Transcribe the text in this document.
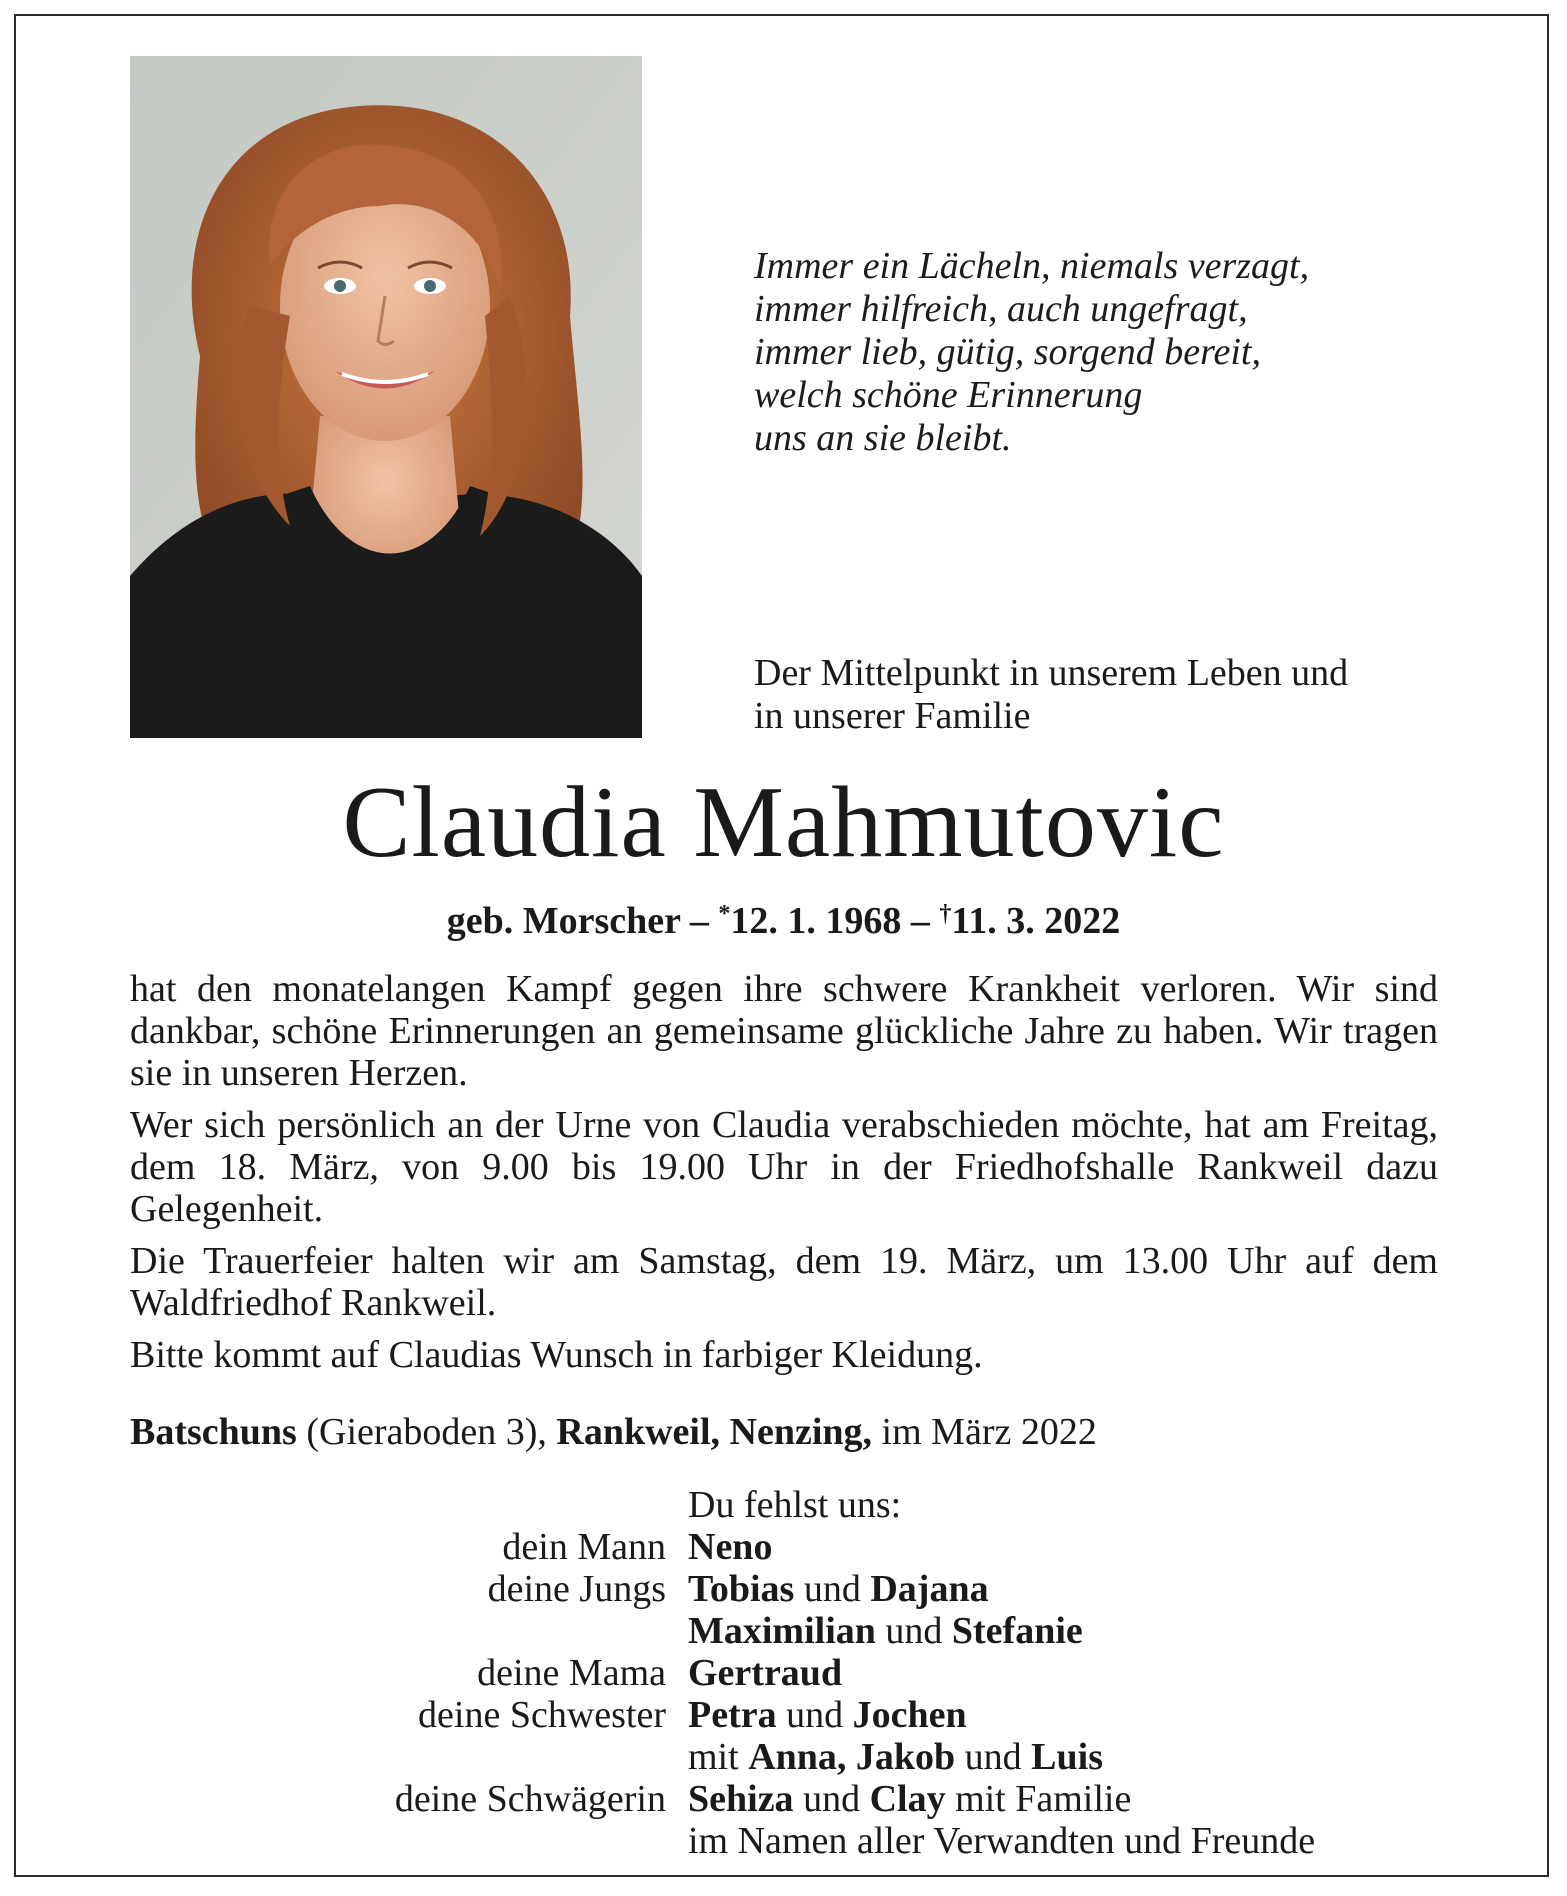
Immer ein Lächeln, niemals verzagt,
immer hilfreich, auch ungefragt,
immer lieb, gütig, sorgend bereit,
welch schöne Erinnerung
uns an sie bleibt.
Der Mittelpunkt in unserem Leben und
in unserer Familie
Claudia Mahmutovic
geb. Morscher – *12. 1. 1968 – †11. 3. 2022

hat den monatelangen Kampf gegen ihre schwere Krankheit verloren. Wir sind dankbar, schöne Erinnerungen an gemeinsame glückliche Jahre zu haben. Wir tragen sie in unseren Herzen.

Wer sich persönlich an der Urne von Claudia verabschieden möchte, hat am Freitag, dem 18. März, von 9.00 bis 19.00 Uhr in der Friedhofshalle Rankweil dazu Gelegenheit.

Die Trauerfeier halten wir am Samstag, dem 19. März, um 13.00 Uhr auf dem Waldfriedhof Rankweil.

Bitte kommt auf Claudias Wunsch in farbiger Kleidung.

Batschuns (Gieraboden 3), Rankweil, Nenzing, im März 2022
Du fehlst uns:
dein Mann Neno
deine Jungs Tobias und Dajana
Maximilian und Stefanie
deine Mama Gertraud
deine Schwester Petra und Jochen
mit Anna, Jakob und Luis
deine Schwägerin Sehiza und Clay mit Familie
im Namen aller Verwandten und Freunde
